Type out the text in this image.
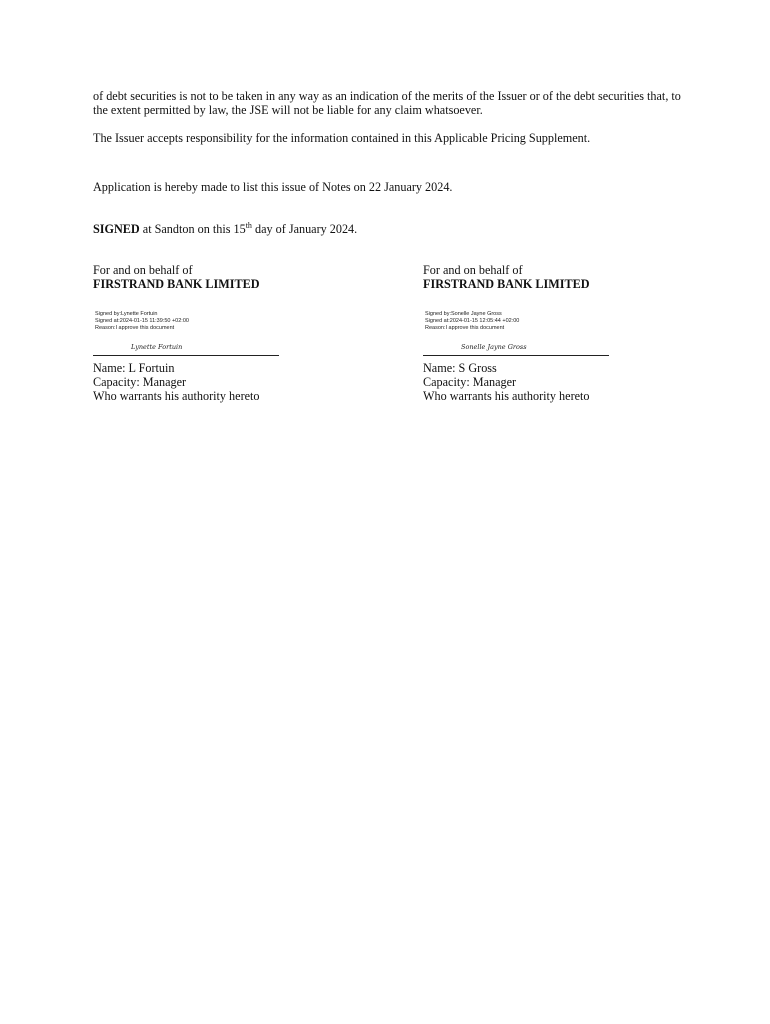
of debt securities is not to be taken in any way as an indication of the merits of the Issuer or of the debt securities that, to the extent permitted by law, the JSE will not be liable for any claim whatsoever.

The Issuer accepts responsibility for the information contained in this Applicable Pricing Supplement.

Application is hereby made to list this issue of Notes on 22 January 2024.

SIGNED at Sandton on this 15th day of January 2024.

For and on behalf of
FIRSTRAND BANK LIMITED
Signed by:Lynette Fortuin
Signed at:2024-01-15 11:39:50 +02:00
Reason:I approve this document
Lynette Fortuin
Name: L Fortuin
Capacity: Manager
Who warrants his authority hereto
For and on behalf of
FIRSTRAND BANK LIMITED
Signed by:Sonelle Jayne Gross
Signed at:2024-01-15 12:05:44 +02:00
Reason:I approve this document
Sonelle Jayne Gross
Name: S Gross
Capacity: Manager
Who warrants his authority hereto
